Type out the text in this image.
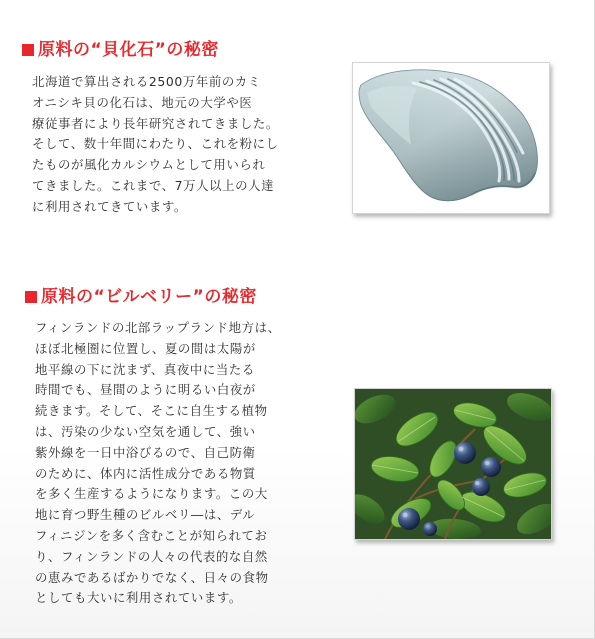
原料の“貝化石”の秘密

北海道で算出される2500万年前のカミ
オニシキ貝の化石は、地元の大学や医
療従事者により長年研究されてきました。
そして、数十年間にわたり、これを粉にし
たものが風化カルシウムとして用いられ
てきました。これまで、7万人以上の人達
に利用されてきています。

原料の“ビルベリー”の秘密

フィンランドの北部ラップランド地方は、
ほぼ北極圏に位置し、夏の間は太陽が
地平線の下に沈まず、真夜中に当たる
時間でも、昼間のように明るい白夜が
続きます。そして、そこに自生する植物
は、汚染の少ない空気を通して、強い
紫外線を一日中浴びるので、自己防衛
のために、体内に活性成分である物質
を多く生産するようになります。この大
地に育つ野生種のビルベリ―は、デル
フィニジンを多く含むことが知られてお
り、フィンランドの人々の代表的な自然
の恵みであるばかりでなく、日々の食物
としても大いに利用されています。
